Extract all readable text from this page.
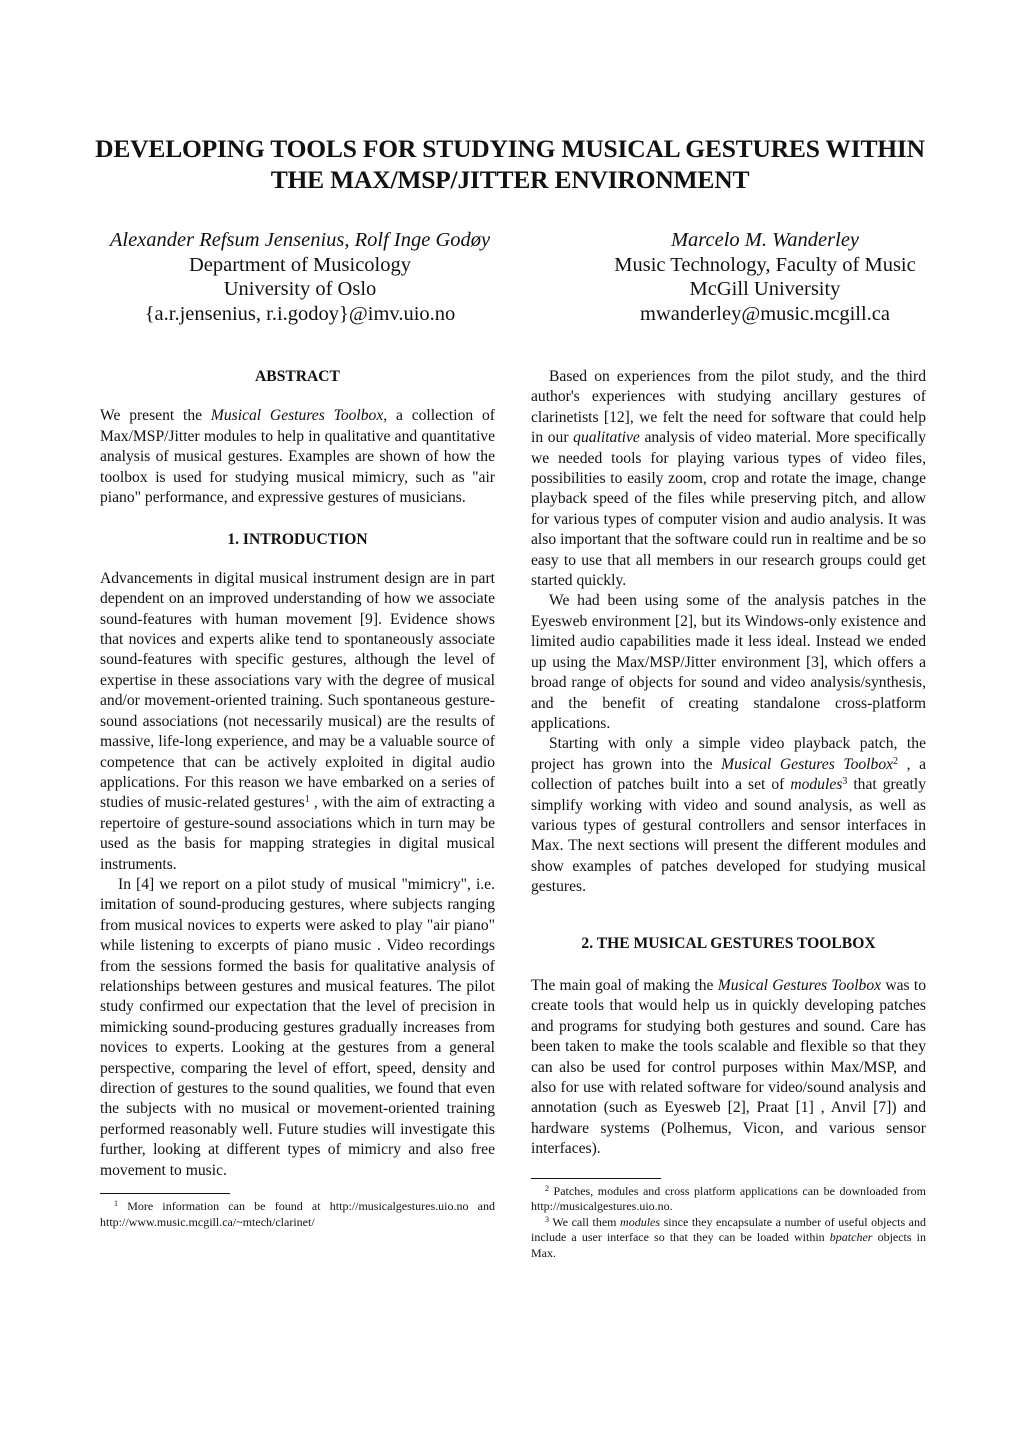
DEVELOPING TOOLS FOR STUDYING MUSICAL GESTURES WITHIN
THE MAX/MSP/JITTER ENVIRONMENT
Alexander Refsum Jensenius, Rolf Inge Godøy
Department of Musicology
University of Oslo
{a.r.jensenius, r.i.godoy}@imv.uio.no
Marcelo M. Wanderley
Music Technology, Faculty of Music
McGill University
mwanderley@music.mcgill.ca
ABSTRACT

We present the Musical Gestures Toolbox, a collection of Max/MSP/Jitter modules to help in qualitative and quantitative analysis of musical gestures. Examples are shown of how the toolbox is used for studying musical mimicry, such as "air piano" performance, and expressive gestures of musicians.

1. INTRODUCTION

Advancements in digital musical instrument design are in part dependent on an improved understanding of how we associate sound-features with human movement [9]. Evidence shows that novices and experts alike tend to spontaneously associate sound-features with specific gestures, although the level of expertise in these associations vary with the degree of musical and/or movement-oriented training. Such spontaneous gesture-sound associations (not necessarily musical) are the results of massive, life-long experience, and may be a valuable source of competence that can be actively exploited in digital audio applications. For this reason we have embarked on a series of studies of music-related gestures$^1$ , with the aim of extracting a repertoire of gesture-sound associations which in turn may be used as the basis for mapping strategies in digital musical instruments.

In [4] we report on a pilot study of musical "mimicry", i.e. imitation of sound-producing gestures, where subjects ranging from musical novices to experts were asked to play "air piano" while listening to excerpts of piano music . Video recordings from the sessions formed the basis for qualitative analysis of relationships between gestures and musical features. The pilot study confirmed our expectation that the level of precision in mimicking sound-producing gestures gradually increases from novices to experts. Looking at the gestures from a general perspective, comparing the level of effort, speed, density and direction of gestures to the sound qualities, we found that even the subjects with no musical or movement-oriented training performed reasonably well. Future studies will investigate this further, looking at different types of mimicry and also free movement to music.

$^1$ More information can be found at http://musicalgestures.uio.no and http://www.music.mcgill.ca/~mtech/clarinet/

Based on experiences from the pilot study, and the third author's experiences with studying ancillary gestures of clarinetists [12], we felt the need for software that could help in our qualitative analysis of video material. More specifically we needed tools for playing various types of video files, possibilities to easily zoom, crop and rotate the image, change playback speed of the files while preserving pitch, and allow for various types of computer vision and audio analysis. It was also important that the software could run in realtime and be so easy to use that all members in our research groups could get started quickly.

We had been using some of the analysis patches in the Eyesweb environment [2], but its Windows-only existence and limited audio capabilities made it less ideal. Instead we ended up using the Max/MSP/Jitter environment [3], which offers a broad range of objects for sound and video analysis/synthesis, and the benefit of creating standalone cross-platform applications.

Starting with only a simple video playback patch, the project has grown into the Musical Gestures Toolbox$^2$ , a collection of patches built into a set of modules$^3$ that greatly simplify working with video and sound analysis, as well as various types of gestural controllers and sensor interfaces in Max. The next sections will present the different modules and show examples of patches developed for studying musical gestures.

2. THE MUSICAL GESTURES TOOLBOX

The main goal of making the Musical Gestures Toolbox was to create tools that would help us in quickly developing patches and programs for studying both gestures and sound. Care has been taken to make the tools scalable and flexible so that they can also be used for control purposes within Max/MSP, and also for use with related software for video/sound analysis and annotation (such as Eyesweb [2], Praat [1] , Anvil [7]) and hardware systems (Polhemus, Vicon, and various sensor interfaces).

$^2$ Patches, modules and cross platform applications can be downloaded from http://musicalgestures.uio.no.
$^3$ We call them modules since they encapsulate a number of useful objects and include a user interface so that they can be loaded within bpatcher objects in Max.
